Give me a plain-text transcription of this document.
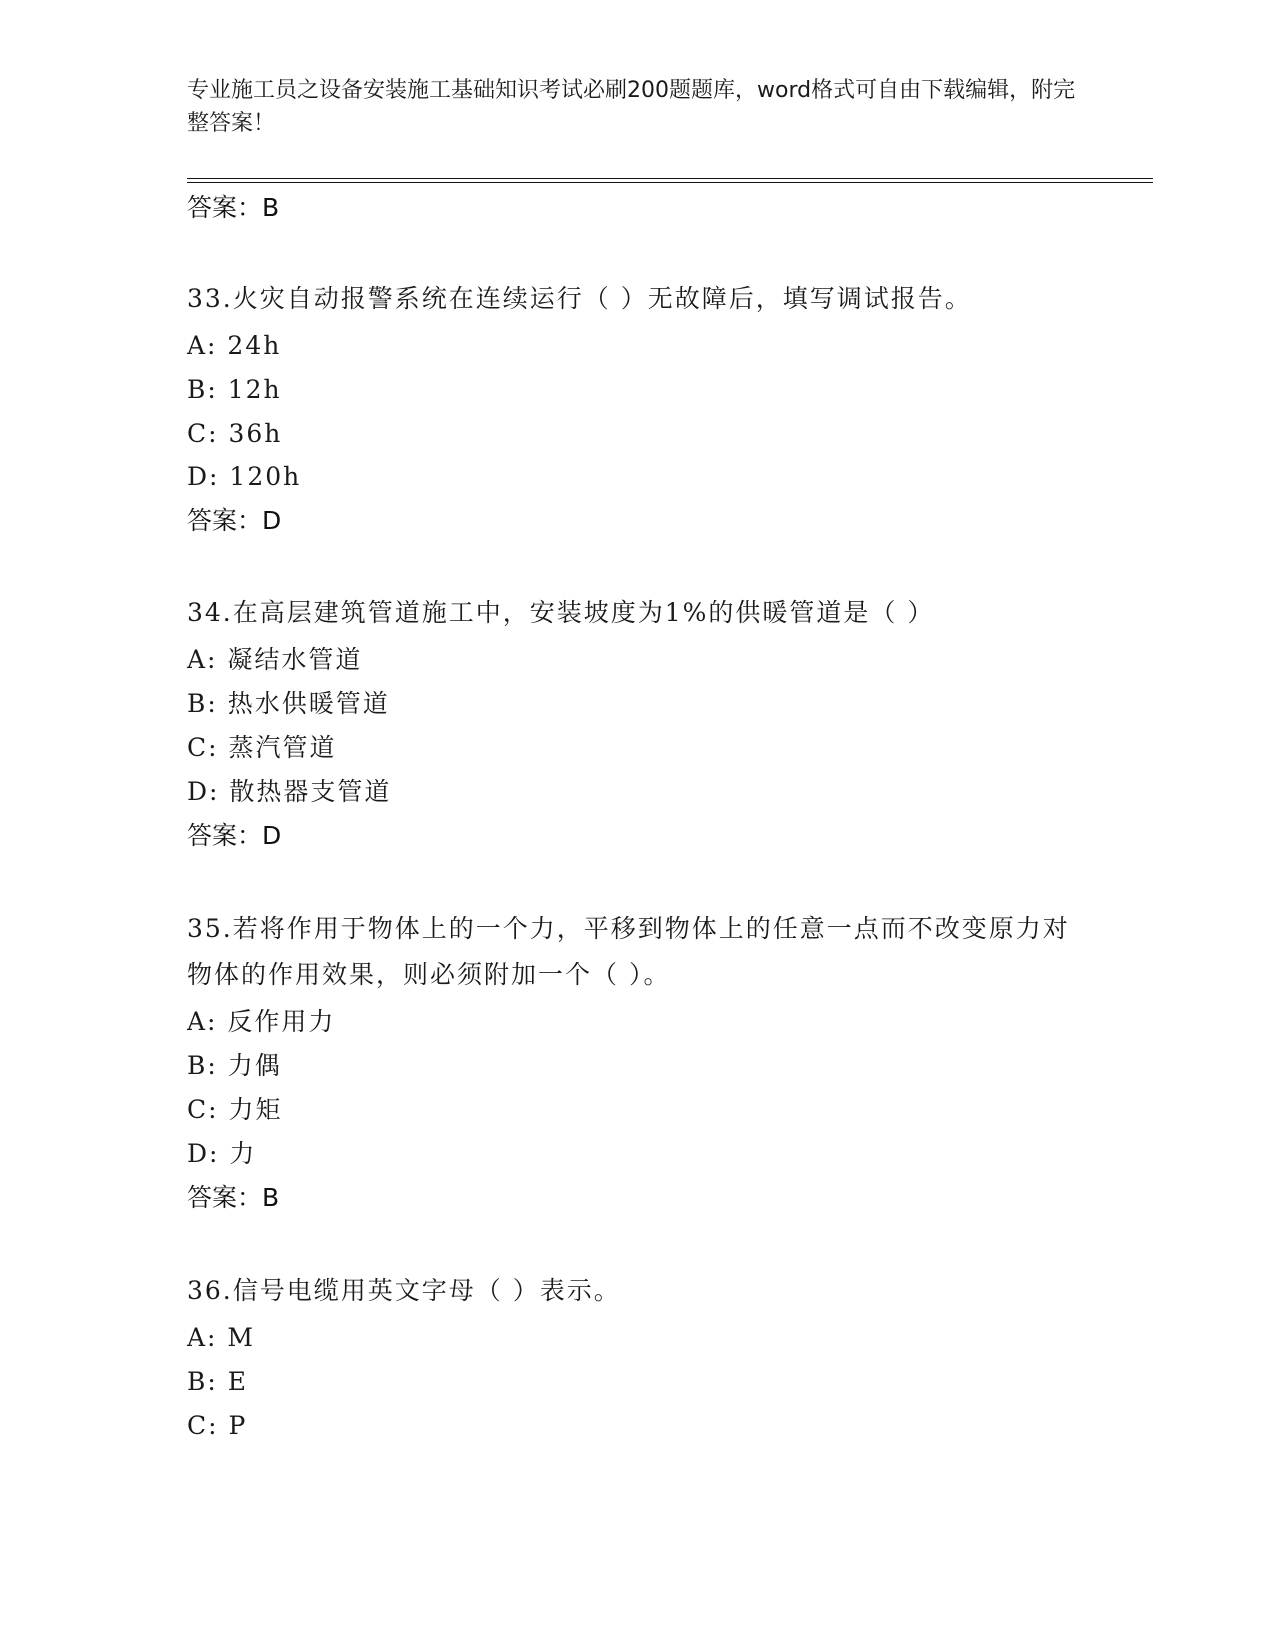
专业施工员之设备安装施工基础知识考试必刷200题题库，word格式可自由下载编辑，附完整答案！
答案：B
33.火灾自动报警系统在连续运行（ ）无故障后，填写调试报告。
A: 24h
B: 12h
C: 36h
D: 120h
答案：D
34.在高层建筑管道施工中，安装坡度为1%的供暖管道是（ ）
A: 凝结水管道
B: 热水供暖管道
C: 蒸汽管道
D: 散热器支管道
答案：D
35.若将作用于物体上的一个力，平移到物体上的任意一点而不改变原力对物体的作用效果，则必须附加一个（ ）。
A: 反作用力
B: 力偶
C: 力矩
D: 力
答案：B
36.信号电缆用英文字母（ ）表示。
A: M
B: E
C: P
